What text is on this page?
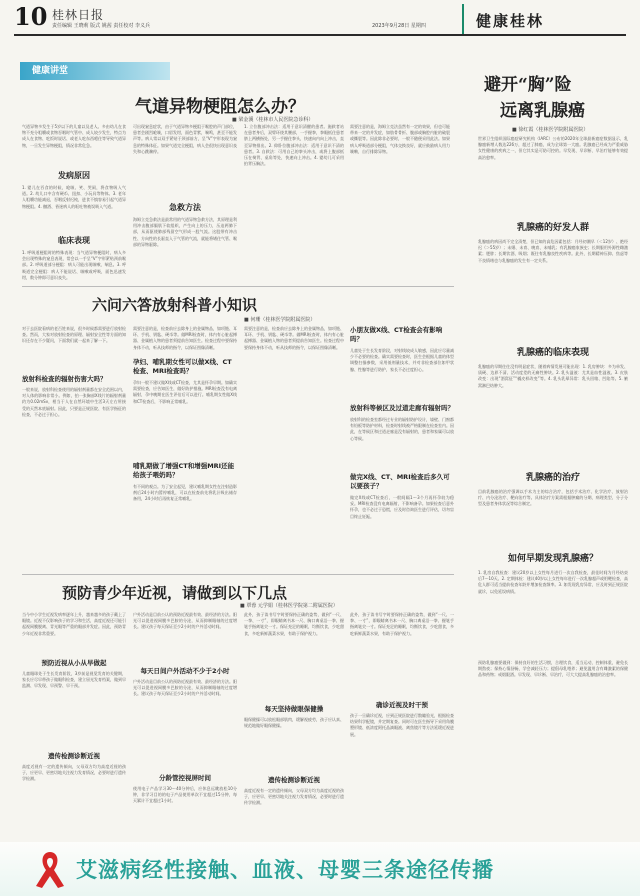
10 桂林日报
责任编辑 王晓莉 版式 姚茜 责任校对 李义兵	2023年9月28日 星期四	健康桂林
健康讲堂
气道异物梗阻怎么办？
■ 梁金溪（桂林市人民医院急诊科）
气道异物多发生于5岁以下的儿童以及老人。多由幼儿在食物不充分咀嚼或食物吞咽时气管中、成人较少发生，特点为成人在食物、吃饭时说话、或老人吃东西噎住等导致气道异物，一旦发生异物梗阻，情况非常危急。
发病原因
1. 婴儿在吞食的时候，呛咳、笑、哭闹，将食物吸入气道。2. 幼儿口中含有硬币、纽扣、小玩具等物体。3. 老年人咀嚼功能减退，吞咽反射迟钝，进食不慎容易引起气道异物梗阻。4. 酗酒、昏迷病人的呕吐物被误吸入气道。
临床表现
1. 呼吸道梗阻时的特殊表现：当气道异物梗阻时，病人多会出现特殊的窒息表现，常会以一手呈“V”字形紧贴颈前喉部。2. 呼吸道部分梗阻：病人可能出现咳嗽，喘息。3. 呼吸道完全梗阻：病人不能说话、咳嗽或呼吸，面色迅速发绀，数分钟即可意识丧失。
可出现窒息症状，由于气道异物多梗阻于喉腔的声门部位，患者会剧烈呛咳，口唇发绀，面色青紫，喘鸣，甚至不能发声等。病人常以双手紧贴于颈部前方，呈“V”字形表现为窒息的特殊体征。如果气道完全梗阻，病人会很快出现意识丧失和心跳骤停。
急救方法
海姆立克急救法是最常用的气道异物急救方法，其原理是利用冲击腹部膈肌下软组织，产生向上的压力，压迫两肺下部，从而驱使肺部残留空气形成一股气流。这股带有冲击性、方向性的长驱直入于气管的气流，就能将堵住气管、喉部的异物驱除。
1. 立位腹部冲击法：适用于意识清醒的患者。施救者站在患者身后，双臂环绕其腰部，一手握拳，拳眼抵住患者脐上两横指处，另一手握住拳头，快速向内向上冲击，直至异物排出。2. 仰卧位腹部冲击法：适用于意识不清的患者。3. 自救法：可用自己的拳头冲击，或将上腹部抵压在椅背、桌角等处，快速向上冲击。4. 婴幼儿可采用拍背压胸法。
需要注意的是，海姆立克法虽然有一定的效果，但也可能带来一定的并发症，如肋骨骨折、腹部或胸腔内脏的破裂或撕裂等。因此除非必要时，一般不随便采用此法。如果病人呼吸道部分梗阻，气体交换良好，就应鼓励病人用力咳嗽，自行排除异物。
避开“胸”险
远离乳腺癌
■ 徐红霞（桂林医学院附属医院）
世界卫生组织国际癌症研究机构（IARC）公布的2020年全球最新癌症数据显示，乳腺癌新增人数达226万，超过了肺癌，成为全球第一大癌。乳腺癌已经成为严重威胁女性健康的疾病之一，但它其实是可防可控的。早发现、早诊断、早治疗能够有效提高治愈率。
乳腺癌的好发人群
乳腺癌的病因尚不完全清楚，但已知的高危因素包括：月经初潮早（＜12岁）、绝经迟（＞55岁）；未婚、未育、晚育、未哺乳；有乳腺癌家族史；长期服用外源性雌激素；肥胖；长期饮酒、吸烟；既往有乳腺良性疾病等。此外，长期精神压抑、焦虑等不良情绪也与乳腺癌的发生有一定关系。
乳腺癌的临床表现
乳腺癌的早期往往没有明显症状，随着病情发展可能出现：1. 乳房肿块：多为单发、质硬、边界不清、活动度差的无痛性肿块。2. 乳头溢液：尤其是血性溢液。3. 皮肤改变：出现“酒窝征”“橘皮样改变”等。4. 乳头乳晕异常：乳头回缩、凹陷等。5. 腋窝淋巴结肿大。
乳腺癌的治疗
目前乳腺癌的治疗强调以手术为主的综合治疗，包括手术治疗、化学治疗、放射治疗、内分泌治疗、靶向治疗等。具体治疗方案需根据肿瘤的分期、病理类型、分子分型及患者身体状况等综合制定。
如何早期发现乳腺癌？
1. 乳房自我检查：建议20岁以上女性每月进行一次自我检查，最佳时间为月经结束后7～10天。2. 定期体检：建议40岁以上女性每年进行一次乳腺超声或钼靶检查，高危人群可适当提前检查年龄并增加检查频率。3. 如发现乳房异常，应及时到正规医院就诊，以免延误病情。
预防乳腺癌要做到：保持良好的生活习惯，合理饮食，适当运动，控制体重，避免长期熬夜；保持心情舒畅，学会减轻压力；提倡母乳喂养；避免滥用含有雌激素的保健品和药物；戒烟限酒。早发现、早诊断、早治疗，可大大提高乳腺癌的治愈率。
六问六答放射科普小知识
■ 何珊（桂林医学院附属医院）
对于去医院看病的老百姓来说，很多时候都需要进行放射检查。然而，大家对放射检查的原理、辐射安全性等方面的知识还存在不少疑问，下面我们就一起来了解一下。
放射科检查的辐射伤害大吗？
一般来说，放射科检查使用的辐射剂量都在安全范围以内，对人体的影响非常小。例如，拍一张胸部X线片的辐射剂量约为0.02mSv，相当于人在自然环境中生活3天左右所接受的天然本底辐射。因此，只要是正规医院、有医学指征的检查，不必过于担心。
需要注意的是，检查前应去除身上的金属物品，如项链、耳环、手机、钥匙、硬币等。做MRI检查时，体内有心脏起搏器、金属植入物的患者须提前告知医生。检查过程中要保持身体不动，听从技师的指令，以保证图像清晰。
孕妇、哺乳期女性可以做X线、CT检查、MRI检查吗？
孕妇一般不建议做X线或CT检查，尤其是怀孕早期。如确实需要检查，应告知医生，做好防护措施。MRI检查没有电离辐射，孕中晚期在医生评估后可以进行。哺乳期女性做X线和CT检查后，不影响正常哺乳。
哺乳期做了增强CT和增强MRI还能给孩子喂奶吗？
有不同的观点。为了安全起见，建议哺乳期女性在注射造影剂后24小时内暂停哺乳，可以在检查前先将乳汁吸出储存备用，24小时后再恢复正常哺乳。
需要注意的是，检查前应去除身上的金属物品，如项链、耳环、手机、钥匙、硬币等。做MRI检查时，体内有心脏起搏器、金属植入物的患者须提前告知医生。检查过程中要保持身体不动，听从技师的指令，以保证图像清晰。
小朋友做X线、CT检查会有影响吗？
儿童处于生长发育阶段，对射线较成人敏感，因此应尽量减少不必要的检查。确实需要检查时，医生会根据儿童的体型调整扫描参数，采用低剂量技术，并对非检查部位如甲状腺、性腺等进行防护，家长不必过度担心。
放射科等候区及过道走廊有辐射吗？
放射科的检查室都经过专业的辐射防护设计，墙壁、门窗都有铅板等防护材料，检查时射线被严格限制在检查室内。因此，在等候区和过道走廊是没有辐射的，患者和家属可以放心等候。
做完X线、CT、MRI检查后多久可以要孩子？
做完X线或CT检查后，一般间隔1～3个月再怀孕较为稳妥。MRI检查没有电离辐射，不影响备孕。如果检查后意外怀孕，也不必过于恐慌，应及时咨询医生进行评估，切勿盲目终止妊娠。
预防青少年近视，请做到以下几点
■ 覃蓉 元学娟（桂林医学院第二附属医院）
当今中小学生近视发病率逐年上升，越来越多的孩子戴上了眼镜。近视不仅影响孩子的学习和生活，高度近视还可能引起视网膜脱离、青光眼等严重的眼部并发症。因此，预防青少年近视非常重要。
预防近视从小从早做起
儿童眼球处于生长发育阶段，3岁前是视觉发育的关键期，家长应尽早带孩子做眼科检查，建立屈光发育档案，做到早监测、早发现、早预警、早干预。
遗传检测诊断近视
高度近视有一定的遗传倾向，父母双方均为高度近视的孩子，应更早、更密切地关注视力发育情况，必要时进行遗传学检测。
户外活动是目前公认的预防近视最有效、最经济的方法。阳光可以促进视网膜多巴胺的分泌，从而抑制眼轴的过度增长。建议孩子每天保证至少2小时的户外活动时间。
每天日间户外活动不少于2小时
户外活动是目前公认的预防近视最有效、最经济的方法。阳光可以促进视网膜多巴胺的分泌，从而抑制眼轴的过度增长。建议孩子每天保证至少2小时的户外活动时间。
分龄管控视屏时间
使用电子产品学习30～40分钟后，应休息远眺放松10分钟，非学习目的的电子产品使用单次不宜超过15分钟，每天累计不宜超过1小时。
此外，孩子读书写字时要保持正确的姿势，做到“一尺、一拳、一寸”，即眼睛离书本一尺、胸口离桌沿一拳、握笔手指离笔尖一寸。保证充足的睡眠，均衡饮食，少吃甜食，多吃新鲜蔬菜水果，有助于保护视力。
每天坚持做眼保健操
眼保健操可以放松眼部肌肉，缓解视疲劳，孩子应认真、规范地做好眼保健操。
遗传检测诊断近视
高度近视有一定的遗传倾向，父母双方均为高度近视的孩子，应更早、更密切地关注视力发育情况，必要时进行遗传学检测。
此外，孩子读书写字时要保持正确的姿势，做到“一尺、一拳、一寸”，即眼睛离书本一尺、胸口离桌沿一拳、握笔手指离笔尖一寸。保证充足的睡眠，均衡饮食，少吃甜食，多吃新鲜蔬菜水果，有助于保护视力。
确诊近视及时干预
孩子一旦确诊近视，应到正规医院进行散瞳验光，根据检查结果科学配镜，并定期复查。同时可在医生指导下采用角膜塑形镜、低浓度阿托品滴眼液、离焦镜片等方法延缓近视进展。
艾滋病经性接触、血液、母婴三条途径传播
